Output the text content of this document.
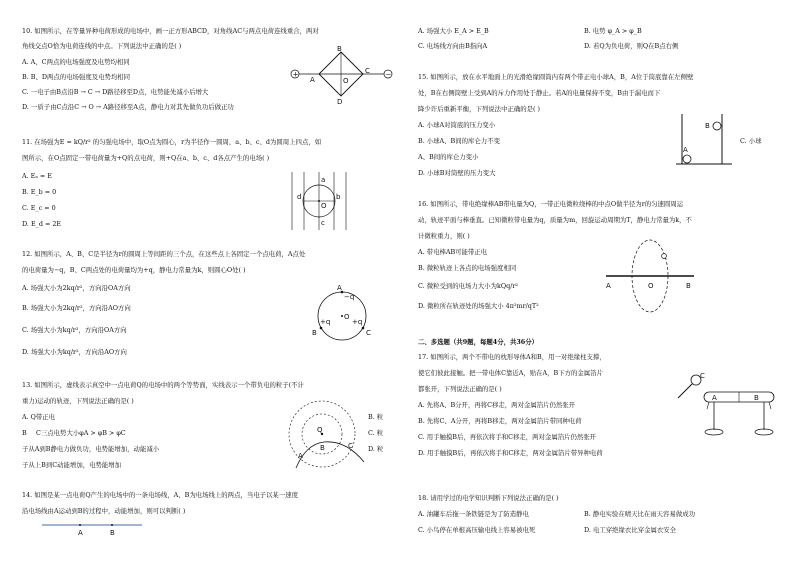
10. 如图所示，在等量异种电荷形成的电场中，画一正方形ABCD，对角线AC与两点电荷连线重合，两对
角线交点O恰为电荷连线的中点。下列说法中正确的是( )
A. A、C两点的电场强度及电势均相同
B. B、D两点的电场强度及电势均相同
C. 一电子由B点沿B → C → D路径移至D点，电势能先减小后增大
D. 一质子由C点沿C → O → A路径移至A点，静电力对其先做负功后做正功
+	−
B
C
D
A	O
11. 在场强为E = kQ/r² 的匀强电场中，取O点为圆心，r为半径作一圆周，a、b、c、d为圆周上四点，如
图所示，在O点固定一带电荷量为+Q的点电荷，则+Q在a、b、c、d各点产生的电场( )
A. Eₐ = E
B. E_b = 0
C. E_c = 0
D. E_d = 2E
a
b
c
d
O
12. 如图所示，A、B、C是半径为r的圆周上等间距的三个点，在这些点上各固定一个点电荷，A点处
的电荷量为−q，B、C两点处的电荷量均为+q，静电力常量为k，则圆心O处( )
A. 场强大小为2kq/r²，方向沿OA方向
B. 场强大小为2kq/r²，方向沿AO方向
C. 场强大小为kq/r²，方向沿OA方向
D. 场强大小为kq/r²，方向沿AO方向
A
−q
O
B
+q
C
+q
13. 如图所示，虚线表示真空中一点电荷Q的电场中的两个等势面，实线表示一个带负电的粒子(不计
重力)运动的轨迹，下列说法正确的是( )
A. Q带正电	B. 粒
B C三点电势大小φA > φB > φC	C. 粒
子从A到B静电力做负功，电势能增加，动能减小	D. 粒
子从上B到C动能增加，电势能增加
Q
A
B	C
14. 如图是某一点电荷Q产生的电场中的一条电场线，A、B为电场线上的两点，当电子以某一速度
沿电场线由A运动到B的过程中，动能增加，则可以判断( )
A	B
A. 场强大小 E_A > E_B	B. 电势 φ_A > φ_B
C. 电场线方向由B指向A	D. 若Q为负电荷，则Q在B点右侧
15. 如图所示，放在水平地面上的光滑绝缘圆筒内有两个带正电小球A，B，A位于筒底靠在左侧壁
处，B在右侧筒壁上受到A的斥力作用处于静止。若A的电量保持不变，B由于漏电而下
降少许后重新平衡，下列说法中正确的是( )
A. 小球A对筒底的压力变小
B. 小球A、B间的库仑力不变
A、B间的库仑力变小
C. 小球
D. 小球B对筒壁的压力变大
A
B
16. 如图所示，带电绝缘棒AB带电量为Q，一带正电微粒绕棒的中点O做半径为r的匀速圆周运
动，轨迹平面与棒垂直。已知微粒带电量为q，质量为m，回旋运动周期为T，静电力常量为k，不
计微粒重力，则( )
A. 带电棒AB可能带正电
B. 微粒轨迹上各点的电场强度相同
C. 微粒受到的电场力大小为kQq/r²
D. 微粒所在轨迹处的场强大小 4π²mr/qT²
A	O	B
二、多选题（共9题，每题4分，共36分）
17. 如图所示，两个不带电的枕形导体A和B，用一对绝缘柱支撑，
使它们彼此接触。把一带电体C靠近A，贴在A，B下方的金属箔片
都张开，下列说法正确的是( )
A. 先将A、B分开，再将C移走，两对金属箔片仍然张开
B. 先将C、A分开，再将B移走，两对金属箔片带同种电荷
C. 用手触摸B后，再依次将手和C移走，两对金属箔片仍然张开
D. 用手触摸B后，再依次将手和C移走，两对金属箔片带异种电荷
C
A	B
18. 请用学过的电学知识判断下列说法正确的是( )
A. 油罐车后拖一条铁链是为了防造静电	B. 静电实验在晴天比在雨天容易做成功
C. 小鸟停在单根高压输电线上容易被电死	D. 电工穿绝缘衣比穿金属衣安全
